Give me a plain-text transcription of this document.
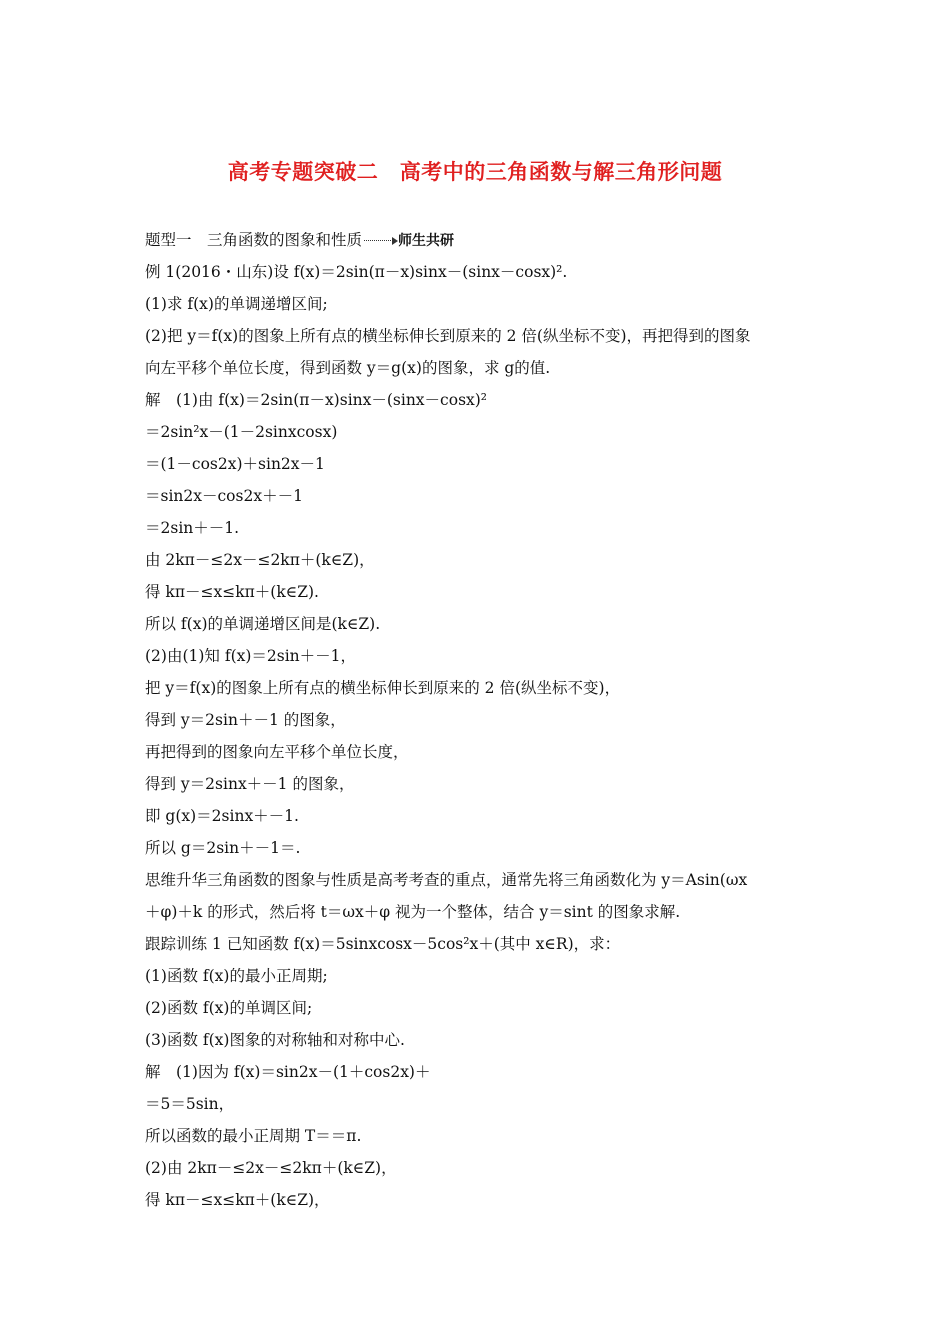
高考专题突破二　高考中的三角函数与解三角形问题
题型一　三角函数的图象和性质	师生共研
例 1(2016・山东)设 f(x)＝2sin(π－x)sinx－(sinx－cosx)².
(1)求 f(x)的单调递增区间;
(2)把 y＝f(x)的图象上所有点的横坐标伸长到原来的 2 倍(纵坐标不变)，再把得到的图象
向左平移个单位长度，得到函数 y＝g(x)的图象，求 g的值.
解　(1)由 f(x)＝2sin(π－x)sinx－(sinx－cosx)²
＝2sin²x－(1－2sinxcosx)
＝(1－cos2x)＋sin2x－1
＝sin2x－cos2x＋－1
＝2sin＋－1.
由 2kπ－≤2x－≤2kπ＋(k∈Z)，
得 kπ－≤x≤kπ＋(k∈Z).
所以 f(x)的单调递增区间是(k∈Z).
(2)由(1)知 f(x)＝2sin＋－1，
把 y＝f(x)的图象上所有点的横坐标伸长到原来的 2 倍(纵坐标不变)，
得到 y＝2sin＋－1 的图象，
再把得到的图象向左平移个单位长度，
得到 y＝2sinx＋－1 的图象，
即 g(x)＝2sinx＋－1.
所以 g＝2sin＋－1＝.
思维升华三角函数的图象与性质是高考考查的重点，通常先将三角函数化为 y＝Asin(ωx
＋φ)＋k 的形式，然后将 t＝ωx＋φ 视为一个整体，结合 y＝sint 的图象求解.
跟踪训练 1 已知函数 f(x)＝5sinxcosx－5cos²x＋(其中 x∈R)，求：
(1)函数 f(x)的最小正周期;
(2)函数 f(x)的单调区间;
(3)函数 f(x)图象的对称轴和对称中心.
解　(1)因为 f(x)＝sin2x－(1＋cos2x)＋
＝5＝5sin，
所以函数的最小正周期 T＝＝π.
(2)由 2kπ－≤2x－≤2kπ＋(k∈Z)，
得 kπ－≤x≤kπ＋(k∈Z)，
